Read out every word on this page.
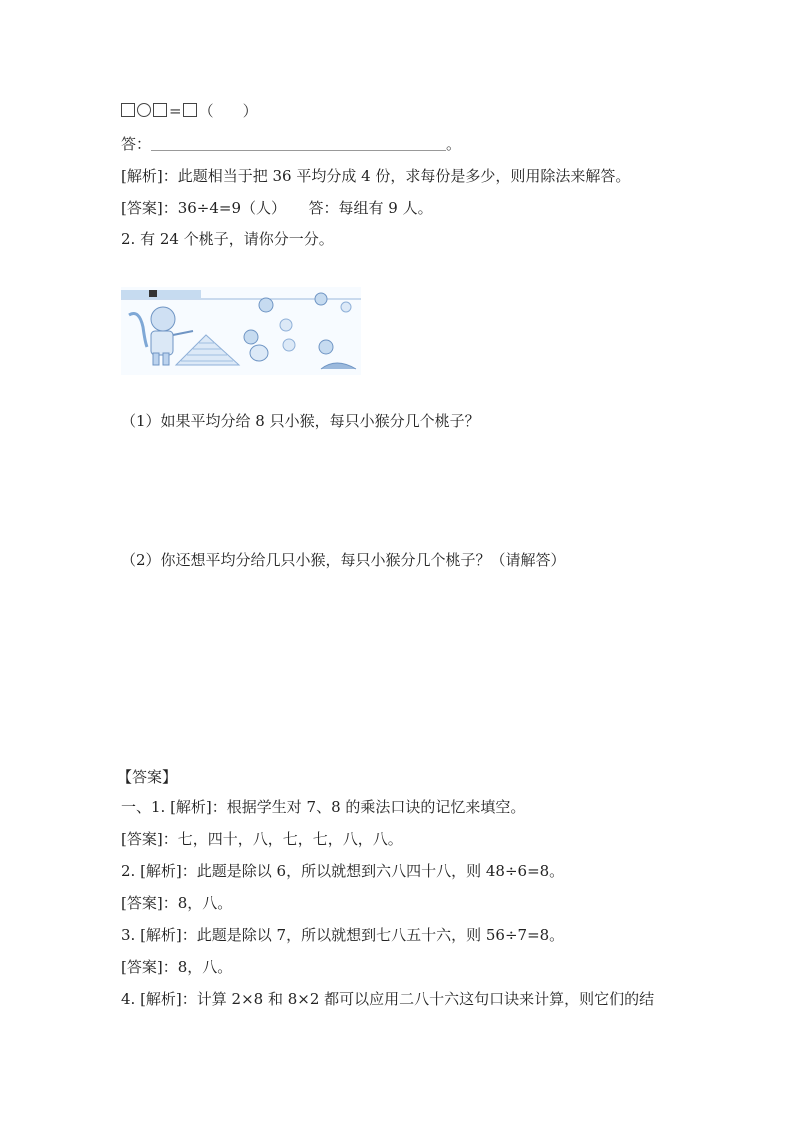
= （ ）
答：	。
[解析]：此题相当于把 36 平均分成 4 份，求每份是多少，则用除法来解答。
[答案]：36÷4=9（人）　　答：每组有 9 人。
2. 有 24 个桃子，请你分一分。
（1）如果平均分给 8 只小猴，每只小猴分几个桃子？
（2）你还想平均分给几只小猴，每只小猴分几个桃子？（请解答）
【答案】
一、1. [解析]：根据学生对 7、8 的乘法口诀的记忆来填空。
[答案]：七，四十，八，七，七，八，八。
2. [解析]：此题是除以 6，所以就想到六八四十八，则 48÷6=8。
[答案]：8，八。
3. [解析]：此题是除以 7，所以就想到七八五十六，则 56÷7=8。
[答案]：8，八。
4. [解析]：计算 2×8 和 8×2 都可以应用二八十六这句口诀来计算，则它们的结
